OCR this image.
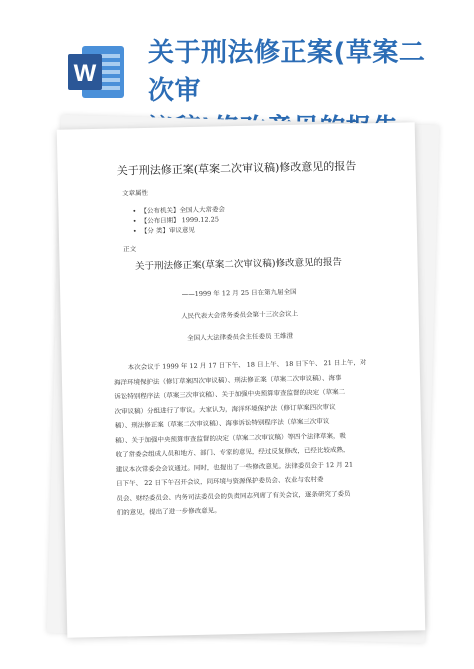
W
关于刑法修正案(草案二次审

关于刑法修正案(草案二次审议稿)修改意见的报告
文章属性
• 【公布机关】全国人大常委会
• 【公布日期】 1999.12.25
• 【分 类】审议意见
正文
关于刑法修正案(草案二次审议稿)修改意见的报告
——1999 年 12 月 25 日在第九届全国
人民代表大会常务委员会第十三次会议上
全国人大法律委员会主任委员 王维澄

本次会议于 1999 年 12 月 17 日下午、 18 日上午、 18 日下午、 21 日上午，对

海洋环境保护法（修订草案四次审议稿）、刑法修正案（草案二次审议稿）、海事

诉讼特别程序法（草案三次审议稿）、关于加强中央预算审查监督的决定（草案二

次审议稿）分组进行了审议。大家认为，海洋环境保护法（修订草案四次审议

稿）、刑法修正案（草案二次审议稿）、海事诉讼特别程序法（草案三次审议

稿）、关于加强中央预算审查监督的决定（草案二次审议稿）等四个法律草案，吸

收了常委会组成人员和地方、部门、专家的意见，经过反复修改，已经比较成熟，

建议本次常委会会议通过。同时，也提出了一些修改意见。法律委员会于 12 月 21

日下午、 22 日下午召开会议，同环境与资源保护委员会、农业与农村委

员会、财经委员会、内务司法委员会的负责同志列席了有关会议，逐条研究了委员

们的意见，提出了进一步修改意见。
